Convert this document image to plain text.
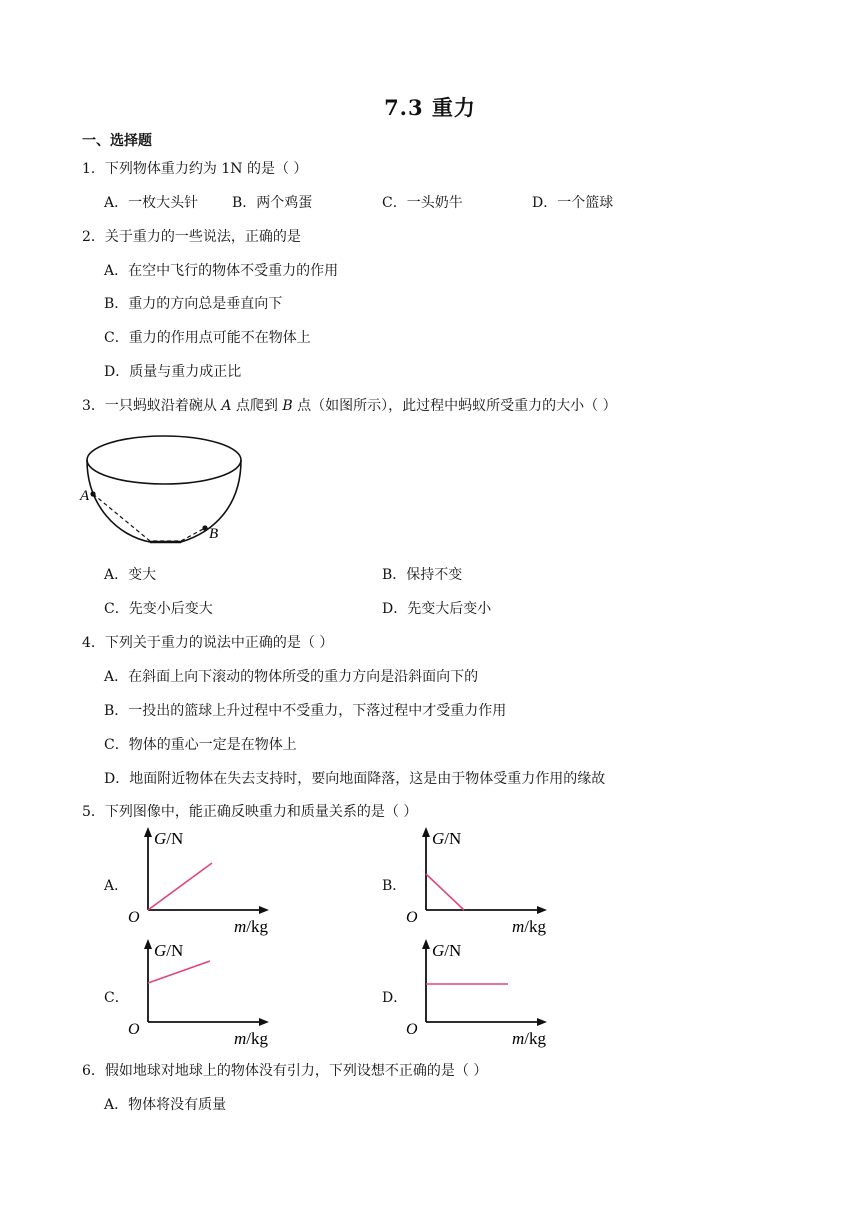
7.3 重力
一、选择题
1．下列物体重力约为 1N 的是（ ）
A．一枚大头针 B．两个鸡蛋	C．一头奶牛	D．一个篮球
2．关于重力的一些说法，正确的是
A．在空中飞行的物体不受重力的作用
B．重力的方向总是垂直向下
C．重力的作用点可能不在物体上
D．质量与重力成正比
3．一只蚂蚁沿着碗从 A 点爬到 B 点（如图所示），此过程中蚂蚁所受重力的大小（ ）
A
B
A．变大	B．保持不变
C．先变小后变大	D．先变大后变小
4．下列关于重力的说法中正确的是（ ）
A．在斜面上向下滚动的物体所受的重力方向是沿斜面向下的
B．一投出的篮球上升过程中不受重力，下落过程中才受重力作用
C．物体的重心一定是在物体上
D．地面附近物体在失去支持时，要向地面降落，这是由于物体受重力作用的缘故
5．下列图像中，能正确反映重力和质量关系的是（ ）
A．	B．
C．	D．
G/N
O	m/kg
G/N
O	m/kg
G/N
O	m/kg
G/N
O	m/kg
6．假如地球对地球上的物体没有引力，下列设想不正确的是（ ）
A．物体将没有质量
